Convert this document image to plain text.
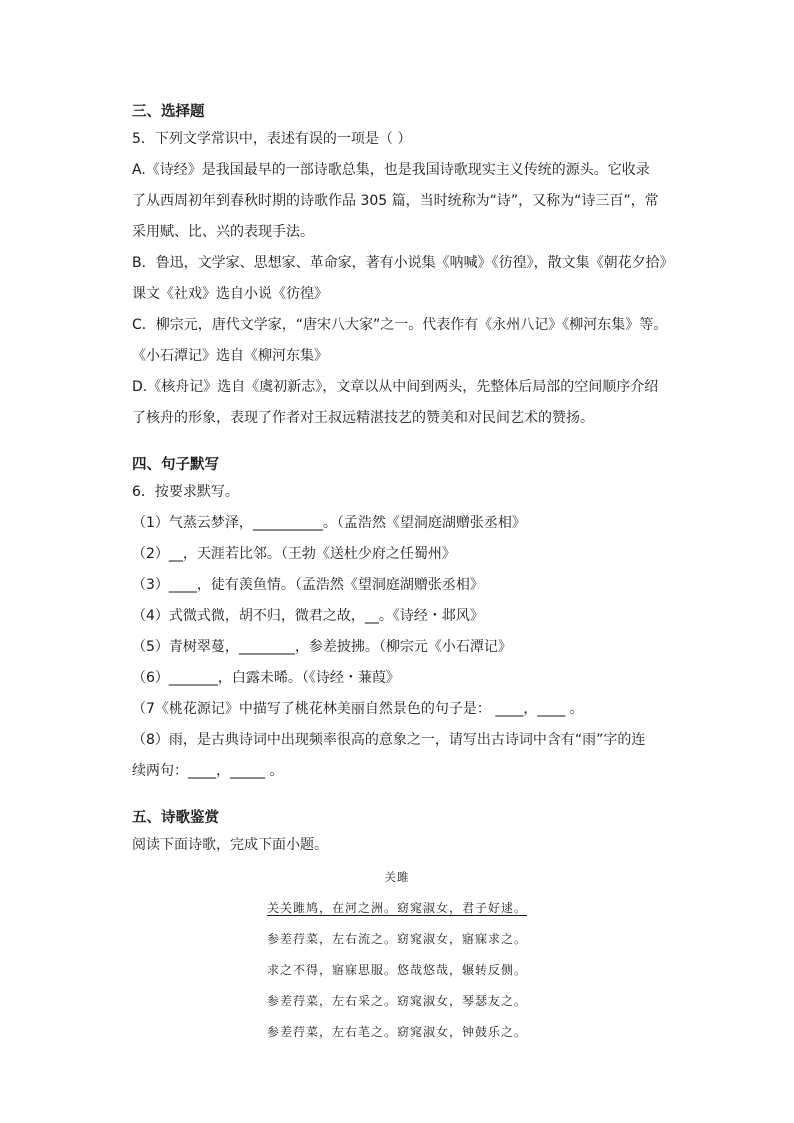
三、选择题
5．下列文学常识中，表述有误的一项是（ ）
A.《诗经》是我国最早的一部诗歌总集，也是我国诗歌现实主义传统的源头。它收录
了从西周初年到春秋时期的诗歌作品 305 篇，当时统称为“诗”，又称为“诗三百”，常
采用赋、比、兴的表现手法。
B．鲁迅，文学家、思想家、革命家，著有小说集《呐喊》《彷徨》，散文集《朝花夕拾》
课文《社戏》选自小说《彷徨》
C．柳宗元，唐代文学家，“唐宋八大家”之一。代表作有《永州八记》《柳河东集》等。
《小石潭记》选自《柳河东集》
D.《核舟记》选自《虞初新志》，文章以从中间到两头，先整体后局部的空间顺序介绍
了核舟的形象，表现了作者对王叔远精湛技艺的赞美和对民间艺术的赞扬。
四、句子默写
6．按要求默写。
（1）气蒸云梦泽，__________。（孟浩然《望洞庭湖赠张丞相》
（2）__，天涯若比邻。（王勃《送杜少府之任蜀州》
（3）____，徒有羡鱼情。（孟浩然《望洞庭湖赠张丞相》
（4）式微式微，胡不归，微君之故，__。《诗经・邶风》
（5）青树翠蔓，________，参差披拂。（柳宗元《小石潭记》
（6）_______，白露未晞。（《诗经・蒹葭》
（7《桃花源记》中描写了桃花林美丽自然景色的句子是： ____，____ 。
（8）雨，是古典诗词中出现频率很高的意象之一，请写出古诗词中含有“雨”字的连
续两句：____，_____ 。
五、诗歌鉴赏
阅读下面诗歌，完成下面小题。
关雎
关关雎鸠，在河之洲。窈窕淑女，君子好逑。
参差荇菜，左右流之。窈窕淑女，寤寐求之。
求之不得，寤寐思服。悠哉悠哉，辗转反侧。
参差荇菜，左右采之。窈窕淑女，琴瑟友之。
参差荇菜，左右芼之。窈窕淑女，钟鼓乐之。
